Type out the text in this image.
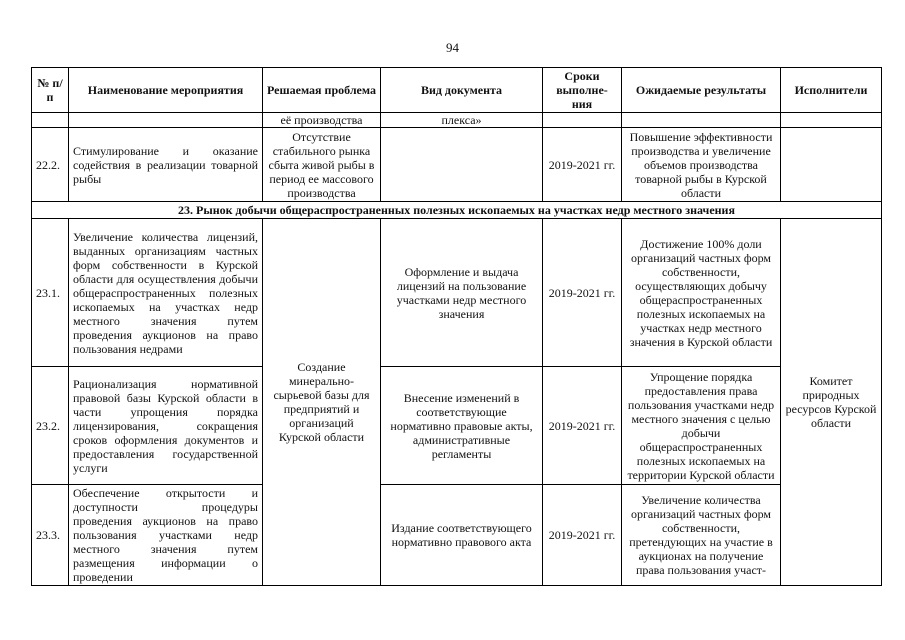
94
№ п/п	Наименование мероприятия	Решаемая проблема	Вид документа	Сроки выполне-ния	Ожидаемые результаты	Исполнители
		её производства	плекса»			
22.2.	Стимулирование и оказание содействия в реализации товарной рыбы	Отсутствие стабильного рынка сбыта живой рыбы в период ее массового производства		2019-2021 гг.	Повышение эффективности производства и увеличение объемов производства товарной рыбы в Курской области	
23. Рынок добычи общераспространенных полезных ископаемых на участках недр местного значения						
23.1.	Увеличение количества лицензий, выданных организациям частных форм собственности в Курской области для осуществления добычи общераспространенных полезных ископаемых на участках недр местного значения путем проведения аукционов на право пользования недрами	Создание минерально-сырьевой базы для предприятий и организаций Курской области	Оформление и выдача лицензий на пользование участками недр местного значения	2019-2021 гг.	Достижение 100% доли организаций частных форм собственности, осуществляющих добычу общераспространенных полезных ископаемых на участках недр местного значения в Курской области	Комитет природных ресурсов Курской области
23.2.	Рационализация нормативной правовой базы Курской области в части упрощения порядка лицензирования, сокращения сроков оформления документов и предоставления государственной услуги		Внесение изменений в соответствующие нормативно правовые акты, административные регламенты	2019-2021 гг.	Упрощение порядка предоставления права пользования участками недр местного значения с целью добычи общераспространенных полезных ископаемых на территории Курской области	
23.3.	Обеспечение открытости и доступности процедуры проведения аукционов на право пользования участками недр местного значения путем размещения информации о проведении		Издание соответствующего нормативно правового акта	2019-2021 гг.	Увеличение количества организаций частных форм собственности, претендующих на участие в аукционах на получение права пользования участ-	
